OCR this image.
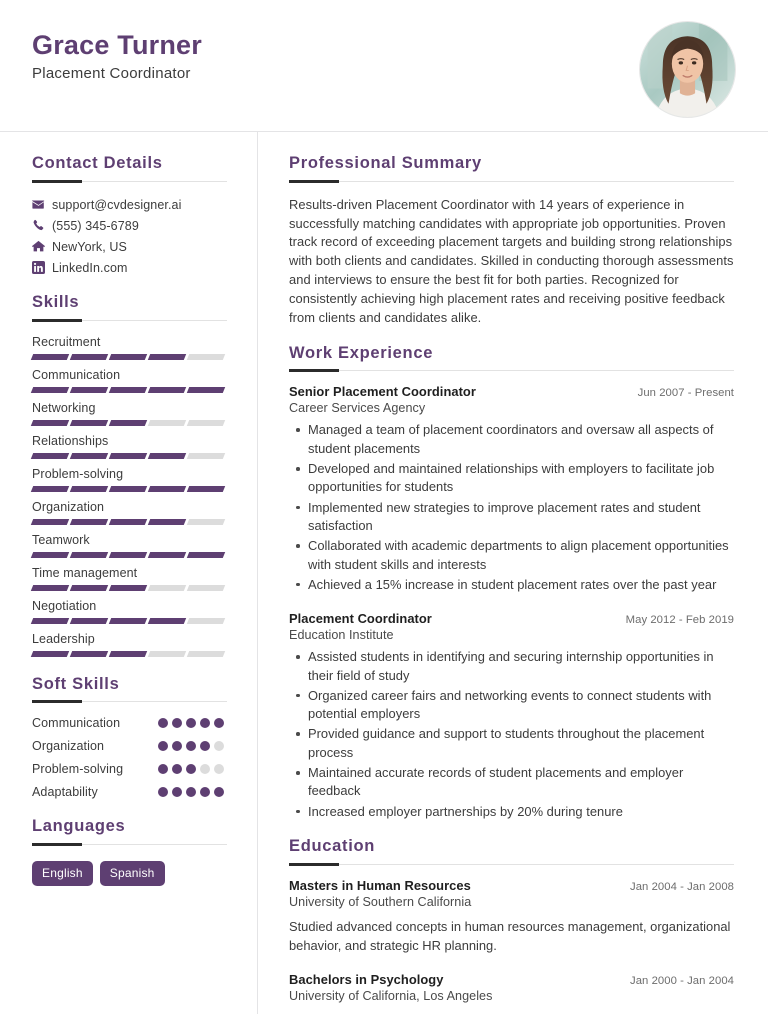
Grace Turner
Placement Coordinator
Contact Details
support@cvdesigner.ai
(555) 345-6789
NewYork, US
LinkedIn.com
Skills
Recruitment
Communication
Networking
Relationships
Problem-solving
Organization
Teamwork
Time management
Negotiation
Leadership
Soft Skills
Communication
Organization
Problem-solving
Adaptability
Languages
English	Spanish
Professional Summary

Results-driven Placement Coordinator with 14 years of experience in successfully matching candidates with appropriate job opportunities. Proven track record of exceeding placement targets and building strong relationships with both clients and candidates. Skilled in conducting thorough assessments and interviews to ensure the best fit for both parties. Recognized for consistently achieving high placement rates and receiving positive feedback from clients and candidates alike.

Work Experience
Senior Placement Coordinator	Jun 2007 - Present
Career Services Agency
Managed a team of placement coordinators and oversaw all aspects of student placements
Developed and maintained relationships with employers to facilitate job opportunities for students
Implemented new strategies to improve placement rates and student satisfaction
Collaborated with academic departments to align placement opportunities with student skills and interests
Achieved a 15% increase in student placement rates over the past year
Placement Coordinator	May 2012 - Feb 2019
Education Institute
Assisted students in identifying and securing internship opportunities in their field of study
Organized career fairs and networking events to connect students with potential employers
Provided guidance and support to students throughout the placement process
Maintained accurate records of student placements and employer feedback
Increased employer partnerships by 20% during tenure
Education
Masters in Human Resources	Jan 2004 - Jan 2008
University of Southern California

Studied advanced concepts in human resources management, organizational behavior, and strategic HR planning.

Bachelors in Psychology	Jan 2000 - Jan 2004
University of California, Los Angeles
